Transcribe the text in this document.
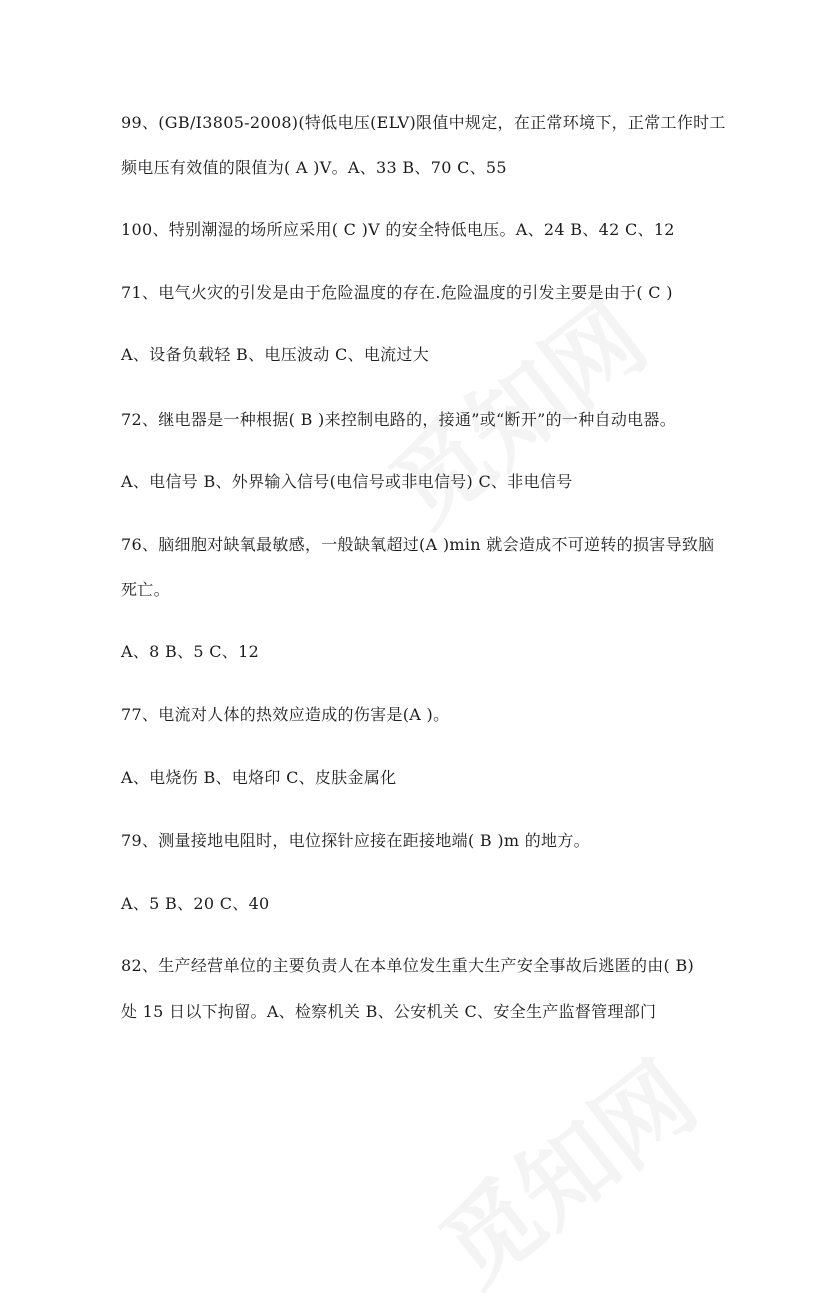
99、(GB/I3805-2008)(特低电压(ELV)限值中规定，在正常环境下，正常工作时工

频电压有效值的限值为( A )V。A、33 B、70 C、55

100、特别潮湿的场所应采用( C )V 的安全特低电压。A、24 B、42 C、12

71、电气火灾的引发是由于危险温度的存在.危险温度的引发主要是由于( C )

A、设备负载轻 B、电压波动 C、电流过大

72、继电器是一种根据( B )来控制电路的，接通”或“断开”的一种自动电器。

A、电信号 B、外界输入信号(电信号或非电信号) C、非电信号

76、脑细胞对缺氧最敏感，一般缺氧超过(A )min 就会造成不可逆转的损害导致脑

死亡。

A、8 B、5 C、12

77、电流对人体的热效应造成的伤害是(A )。

A、电烧伤 B、电烙印 C、皮肤金属化

79、测量接地电阻时，电位探针应接在距接地端( B )m 的地方。

A、5 B、20 C、40

82、生产经营单位的主要负责人在本单位发生重大生产安全事故后逃匿的由( B)

处 15 日以下拘留。A、检察机关 B、公安机关 C、安全生产监督管理部门
